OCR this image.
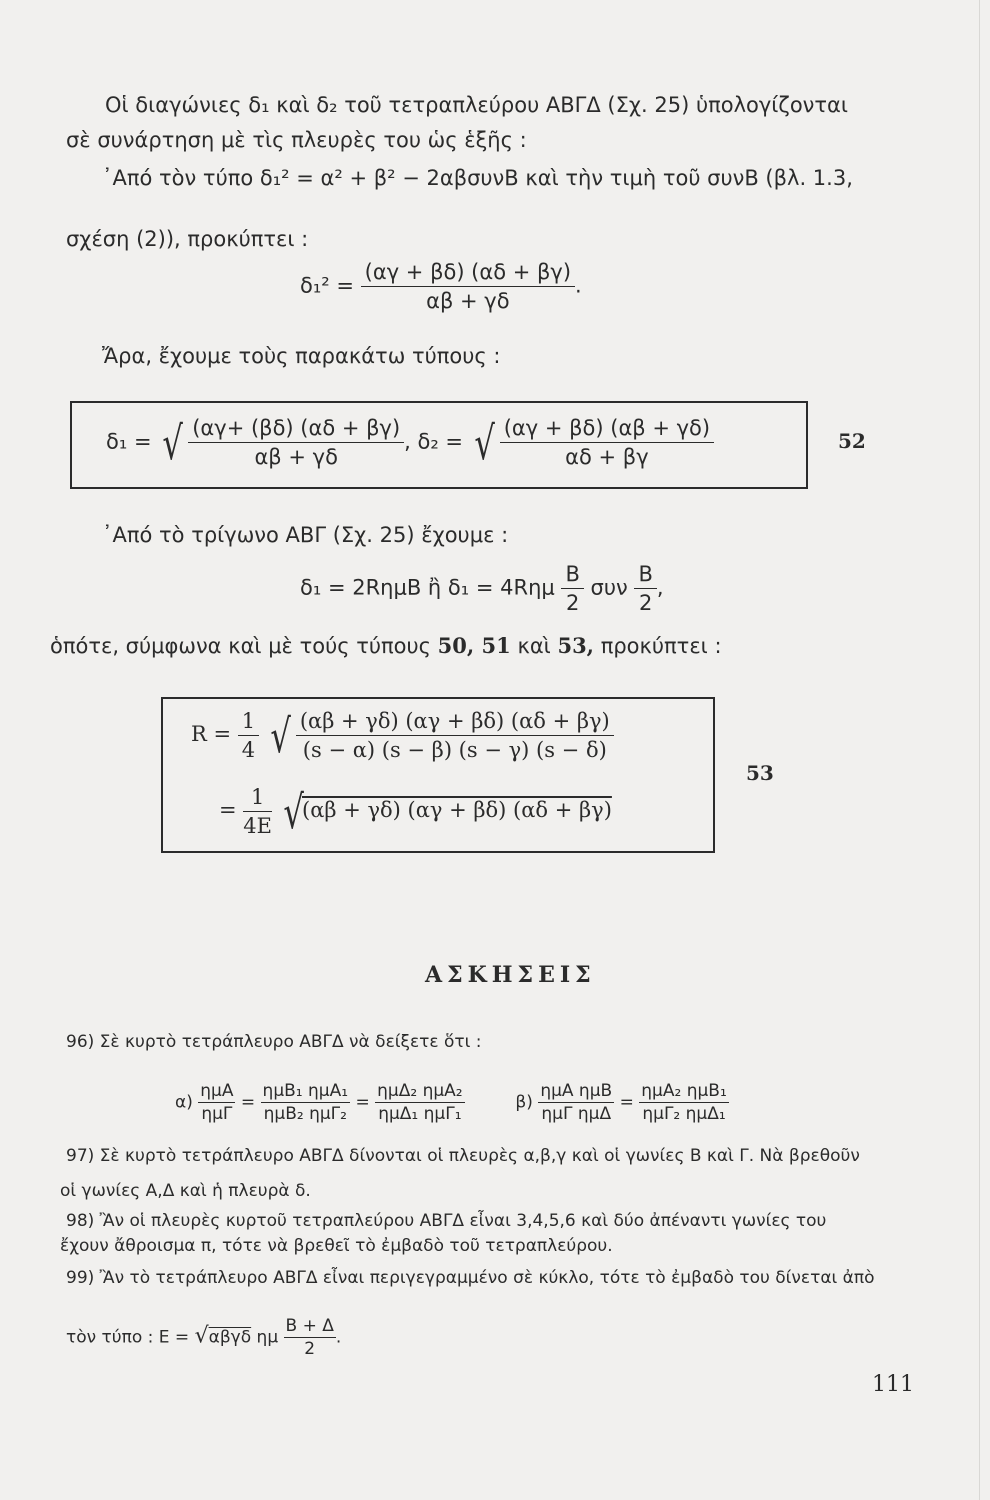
Οἱ διαγώνιες δ₁ καὶ δ₂ τοῦ τετραπλεύρου ΑΒΓΔ (Σχ. 25) ὑπολογίζονται
σὲ συνάρτηση μὲ τὶς πλευρὲς του ὡς ἑξῆς :
᾿Από τὸν τύπο δ₁² = α² + β² − 2αβσυνΒ καὶ τὴν τιμὴ τοῦ συνΒ (βλ. 1.3,
σχέση (2)), προκύπτει :
$\delta_1^2 = \frac{(\alpha\gamma + \beta\delta) (\alpha\delta + \beta\gamma)}{\alpha\beta + \gamma\delta}$ .
Ἄρα, ἔχουμε τοὺς παρακάτω τύπους :
δ₁ = √ $\frac{(\alpha\gamma+ (\beta\delta) (\alpha\delta + \beta\gamma)}{\alpha\beta + \gamma\delta}$ , δ₂ = √ $\frac{(\alpha\gamma + \beta\delta) (\alpha\beta + \gamma\delta)}{\alpha\delta + \beta\gamma}$	52
᾿Από τὸ τρίγωνο ΑΒΓ (Σχ. 25) ἔχουμε :
δ₁ = 2RημΒ ἢ $\delta_1 = 4R\eta\mu \frac{B}{2}$ συν $\frac{B}{2}$ ,
ὁπότε, σύμφωνα καὶ μὲ τούς τύπους 50, 51 καὶ 53, προκύπτει :
$R = \frac{1}{4}$ √ $\frac{(\alpha\beta + \gamma\delta) (\alpha\gamma + \beta\delta) (\alpha\delta + \beta\gamma)}{(s - \alpha) (s - \beta) (s - \gamma) (s - \delta)}$
= $\frac{1}{4E} √(\alpha\beta + \gamma\delta) (\alpha\gamma + \beta\delta) (\alpha\delta + \beta\gamma)$
53
ΑΣΚΗΣΕΙΣ
96) Σὲ κυρτὸ τετράπλευρο ΑΒΓΔ νὰ δείξετε ὅτι :
$\alpha) \frac{\text{ημΑ}}{\text{ημΓ}} = \frac{\text{ημΒ₁ ημΑ₁}}{\text{ημΒ₂ ημΓ₂}} = \frac{\text{ημΔ₂ ημΑ₂}}{\text{ημΔ₁ ημΓ₁}}$	$\beta) \frac{\text{ημΑ ημΒ}}{\text{ημΓ ημΔ}} = \frac{\text{ημΑ₂ ημΒ₁}}{\text{ημΓ₂ ημΔ₁}}$
97) Σὲ κυρτὸ τετράπλευρο ΑΒΓΔ δίνονται οἱ πλευρὲς α,β,γ καὶ οἱ γωνίες Β καὶ Γ. Νὰ βρεθοῦν
οἱ γωνίες Α,Δ καὶ ἡ πλευρὰ δ.
98) Ἂν οἱ πλευρὲς κυρτοῦ τετραπλεύρου ΑΒΓΔ εἶναι 3,4,5,6 καὶ δύο ἀπέναντι γωνίες του
ἔχουν ἄθροισμα π, τότε νὰ βρεθεῖ τὸ ἐμβαδὸ τοῦ τετραπλεύρου.
99) Ἂν τὸ τετράπλευρο ΑΒΓΔ εἶναι περιγεγραμμένο σὲ κύκλο, τότε τὸ ἐμβαδὸ του δίνεται ἀπὸ
τὸν τύπο : Ε = √αβγδ ημ $\frac{B + \Delta}{2}$ .
111
